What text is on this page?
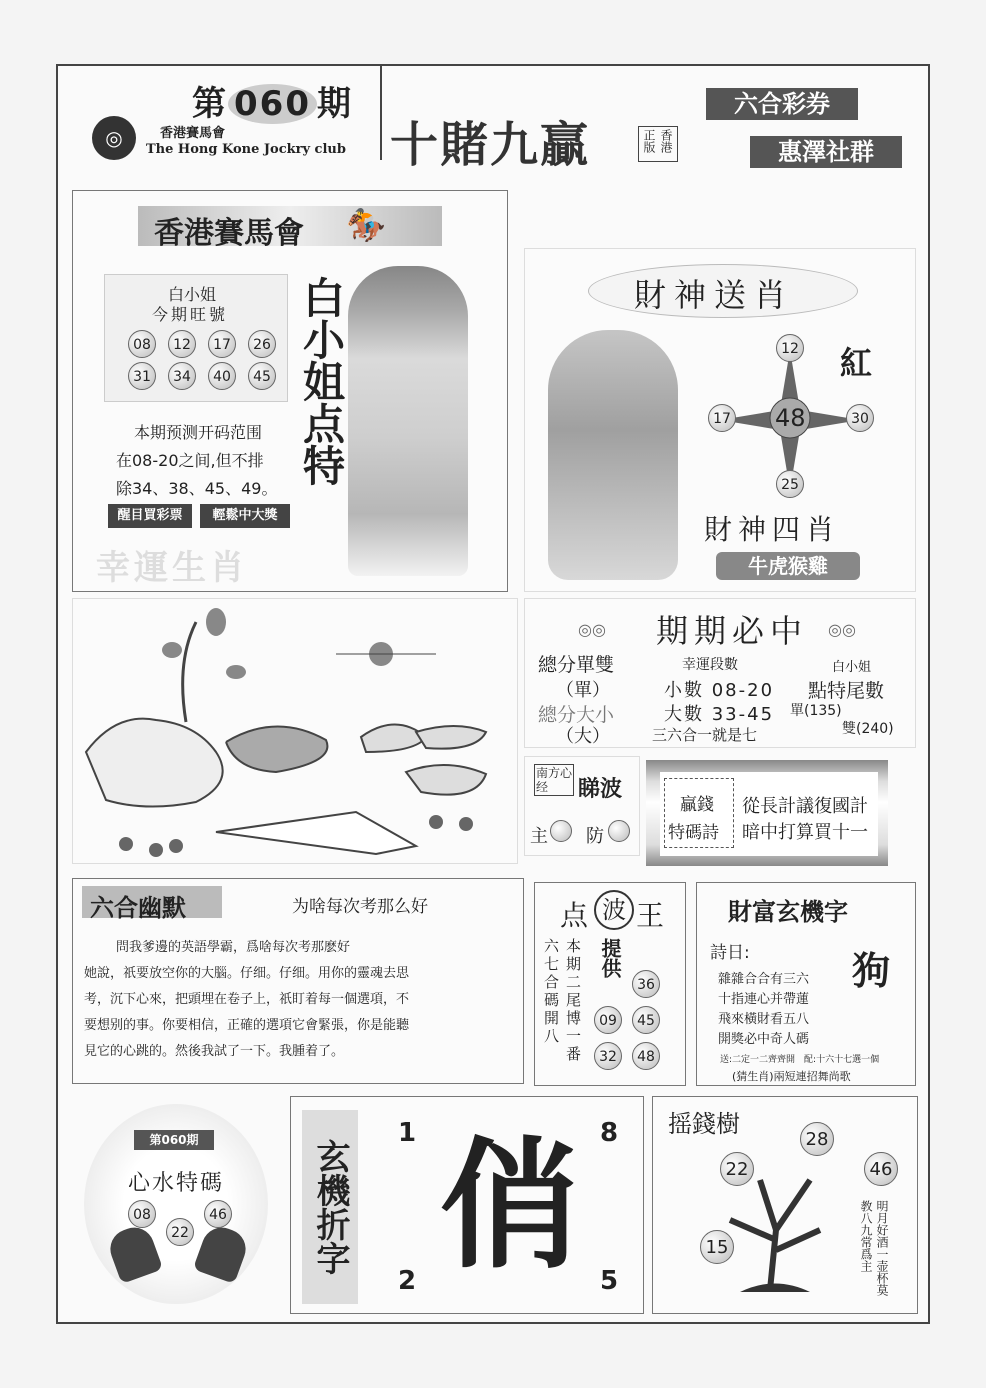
第 060 期
◎	香港賽馬會
The Hong Kone Jockry club 十賭九贏	香港正版
六合彩券
惠澤社群
香港賽馬會 🏇
白小姐
今期旺號
08	12	17	26
31	34	40	45
本期预测开码范围
在08-20之间,但不排
除34、38、45、49。
醒目買彩票	輕鬆中大獎
幸運生肖
白小姐点特	財神送肖
48
12
17	30
25
紅
財神四肖
牛虎猴雞
期期必中
◎◎	◎◎
總分單雙
（單）
總分大小
（大）
幸運段數
小數 08-20
大數 33-45
三六合一就是七
白小姐
點特尾數
單(135)
雙(240)
南方心经	睇波
主 防
贏錢
特碼詩
從長計議復國計
暗中打算買十一
六合幽默	为啥每次考那么好
問我爹邊的英語學霸，爲啥每次考那麽好
她說，祇要放空你的大腦。仔细。仔细。用你的靈魂去思
考，沉下心來，把頭埋在卷子上，祇盯着每一個選項，不
要想别的事。你要相信，正確的選項它會緊張，你是能聽
見它的心跳的。然後我試了一下。我腫着了。
点 波 王
六七合碼開八 本期二尾博一番 提供
36
09	45
32	48
財富玄機字
詩日:	狗
雜雜合合有三六
十指連心并帶蓮
飛來橫財看五八
開獎必中奇人碼
送:二定一二齊齊開　配:十六十七選一個
(猜生肖)兩短連招舞尚歌
第060期
心水特碼
08
22
46 玄機折字 俏
1	8
2	5
摇錢樹
28
22	46
15	明月好酒一壶杯莫教八九常爲主
